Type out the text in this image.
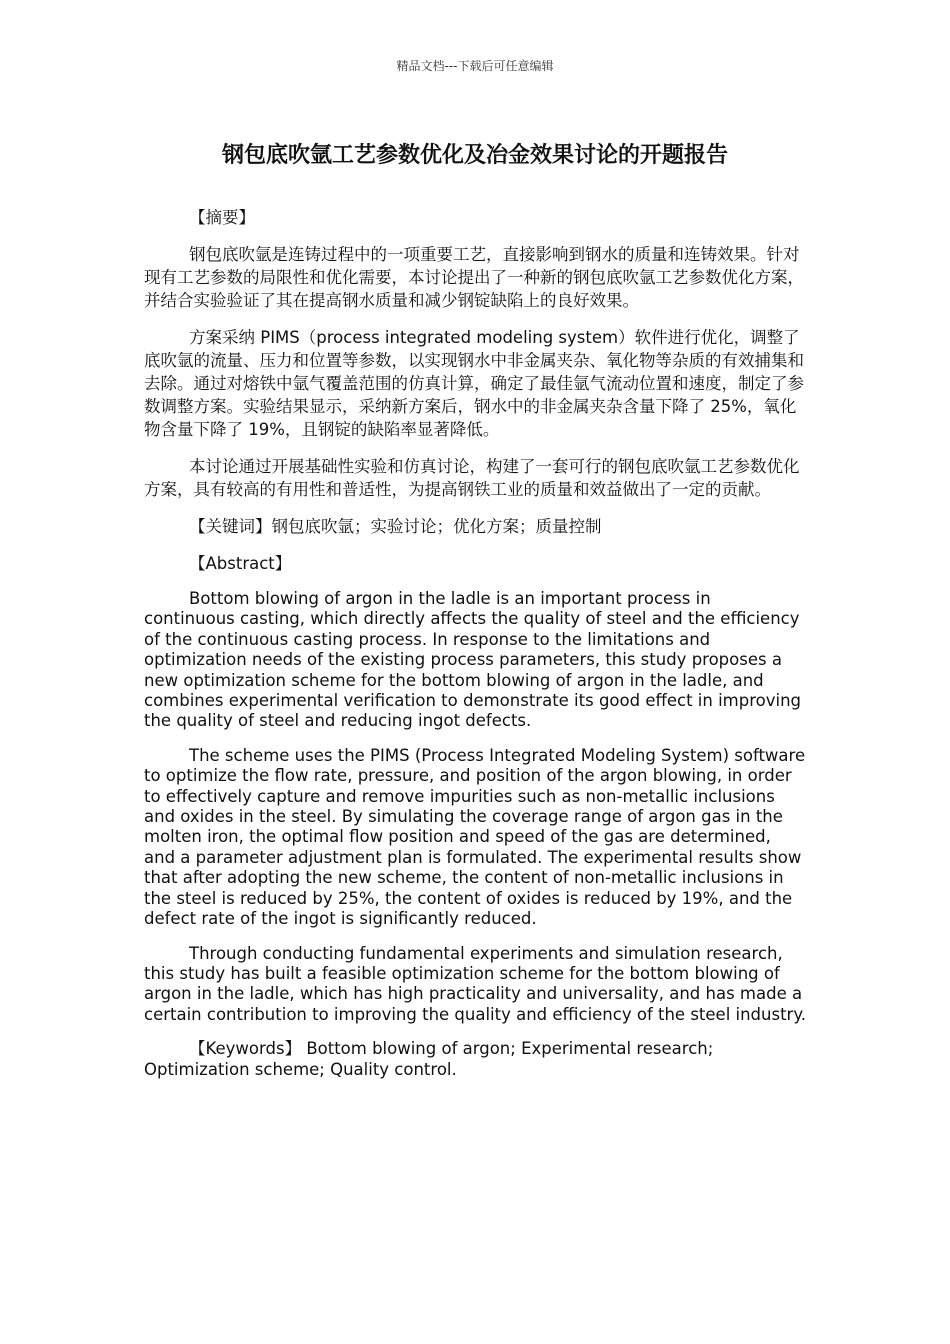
精品文档---下载后可任意编辑
钢包底吹氩工艺参数优化及冶金效果讨论的开题报告

【摘要】

钢包底吹氩是连铸过程中的一项重要工艺，直接影响到钢水的质量和连铸效果。针对现有工艺参数的局限性和优化需要，本讨论提出了一种新的钢包底吹氩工艺参数优化方案，并结合实验验证了其在提高钢水质量和减少钢锭缺陷上的良好效果。

方案采纳 PIMS（process integrated modeling system）软件进行优化，调整了底吹氩的流量、压力和位置等参数，以实现钢水中非金属夹杂、氧化物等杂质的有效捕集和去除。通过对熔铁中氩气覆盖范围的仿真计算，确定了最佳氩气流动位置和速度，制定了参数调整方案。实验结果显示，采纳新方案后，钢水中的非金属夹杂含量下降了 25%，氧化物含量下降了 19%，且钢锭的缺陷率显著降低。

本讨论通过开展基础性实验和仿真讨论，构建了一套可行的钢包底吹氩工艺参数优化方案，具有较高的有用性和普适性，为提高钢铁工业的质量和效益做出了一定的贡献。

【关键词】钢包底吹氩；实验讨论；优化方案；质量控制

【Abstract】

Bottom blowing of argon in the ladle is an important process in continuous casting, which directly affects the quality of steel and the efficiency of the continuous casting process. In response to the limitations and optimization needs of the existing process parameters, this study proposes a new optimization scheme for the bottom blowing of argon in the ladle, and combines experimental verification to demonstrate its good effect in improving the quality of steel and reducing ingot defects.

The scheme uses the PIMS (Process Integrated Modeling System) software to optimize the flow rate, pressure, and position of the argon blowing, in order to effectively capture and remove impurities such as non-metallic inclusions and oxides in the steel. By simulating the coverage range of argon gas in the molten iron, the optimal flow position and speed of the gas are determined, and a parameter adjustment plan is formulated. The experimental results show that after adopting the new scheme, the content of non-metallic inclusions in the steel is reduced by 25%, the content of oxides is reduced by 19%, and the defect rate of the ingot is significantly reduced.

Through conducting fundamental experiments and simulation research, this study has built a feasible optimization scheme for the bottom blowing of argon in the ladle, which has high practicality and universality, and has made a certain contribution to improving the quality and efficiency of the steel industry.

【Keywords】 Bottom blowing of argon; Experimental research; Optimization scheme; Quality control.
